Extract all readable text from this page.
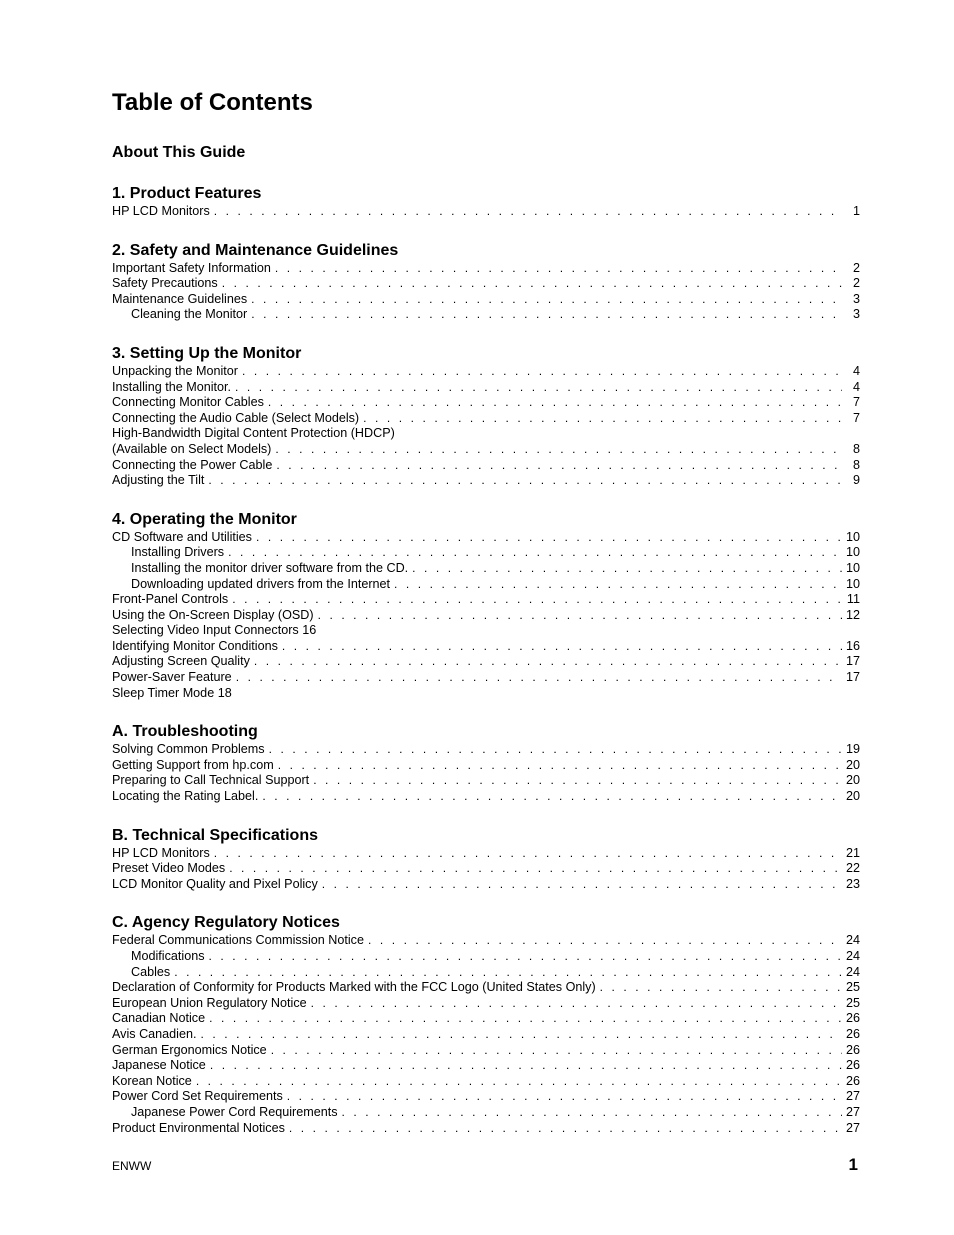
Table of Contents
About This Guide
1. Product Features
HP LCD Monitors . . .	1
2. Safety and Maintenance Guidelines
Important Safety Information . . .	2
Safety Precautions . . .	2
Maintenance Guidelines . . .	3
Cleaning the Monitor . . .	3
3. Setting Up the Monitor
Unpacking the Monitor . . .	4
Installing the Monitor. . . .	4
Connecting Monitor Cables . . .	7
Connecting the Audio Cable (Select Models) . . .	7
High-Bandwidth Digital Content Protection (HDCP)
(Available on Select Models) . . .	8
Connecting the Power Cable . . .	8
Adjusting the Tilt . . .	9
4. Operating the Monitor
CD Software and Utilities . . .	10
Installing Drivers . . .	10
Installing the monitor driver software from the CD. . . .	10
Downloading updated drivers from the Internet . . .	10
Front-Panel Controls . . .	11
Using the On-Screen Display (OSD) . . .	12
Selecting Video Input Connectors 16
Identifying Monitor Conditions . . .	16
Adjusting Screen Quality . . .	17
Power-Saver Feature . . .	17
Sleep Timer Mode 18
A. Troubleshooting
Solving Common Problems . . .	19
Getting Support from hp.com . . .	20
Preparing to Call Technical Support . . .	20
Locating the Rating Label. . . .	20
B. Technical Specifications
HP LCD Monitors . . .	21
Preset Video Modes . . .	22
LCD Monitor Quality and Pixel Policy . . .	23
C. Agency Regulatory Notices
Federal Communications Commission Notice . . .	24
Modifications . . .	24
Cables . . .	24
Declaration of Conformity for Products Marked with the FCC Logo (United States Only) . . .	25
European Union Regulatory Notice . . .	25
Canadian Notice . . .	26
Avis Canadien. . . .	26
German Ergonomics Notice . . .	26
Japanese Notice . . .	26
Korean Notice . . .	26
Power Cord Set Requirements . . .	27
Japanese Power Cord Requirements . . .	27
Product Environmental Notices . . .	27
ENWW	1
